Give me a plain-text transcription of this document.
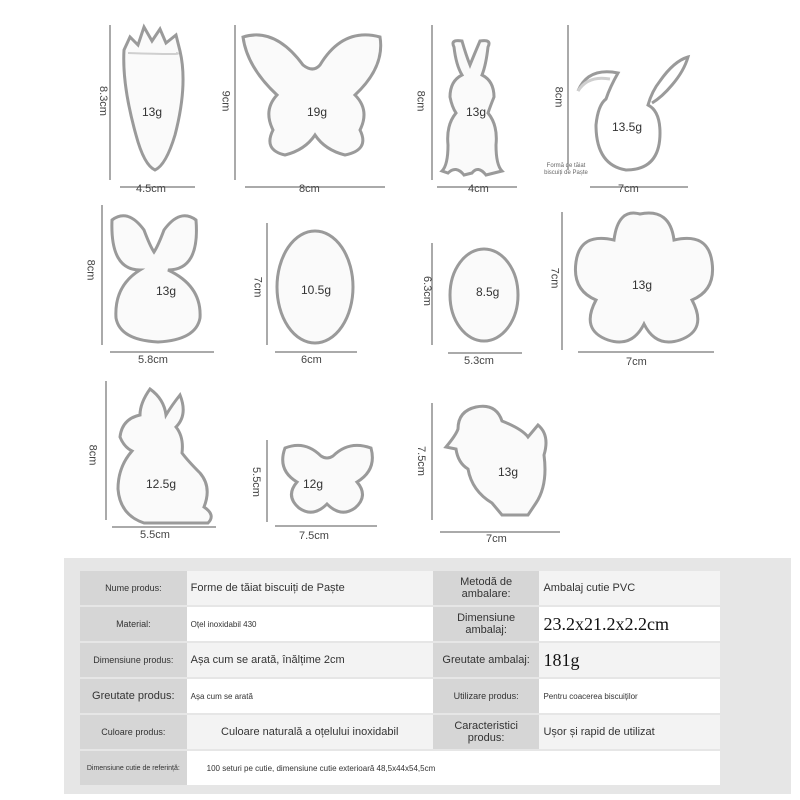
8.3cm
4.5cm
13g
9cm
8cm
19g
8cm
4cm
13g
8cm
7cm
13.5g
Formă de tăiat biscuiți de Paște
8cm
5.8cm
13g	7cm
6cm
10.5g	6.3cm
5.3cm
8.5g
7cm
7cm
13g
8cm
5.5cm
12.5g	5.5cm
7.5cm
12g
7.5cm
7cm
13g
Nume produs:	Forme de tăiat biscuiți de Paște	Metodă de ambalare:	Ambalaj cutie PVC
Material:	Oțel inoxidabil 430	Dimensiune ambalaj:	23.2x21.2x2.2cm
Dimensiune produs:	Așa cum se arată, înălțime 2cm	Greutate ambalaj:	181g
Greutate produs:	Așa cum se arată	Utilizare produs:	Pentru coacerea biscuiților
Culoare produs:	Culoare naturală a oțelului inoxidabil	Caracteristici produs:	Ușor și rapid de utilizat
Dimensiune cutie de referință:	100 seturi pe cutie, dimensiune cutie exterioară 48,5x44x54,5cm		
